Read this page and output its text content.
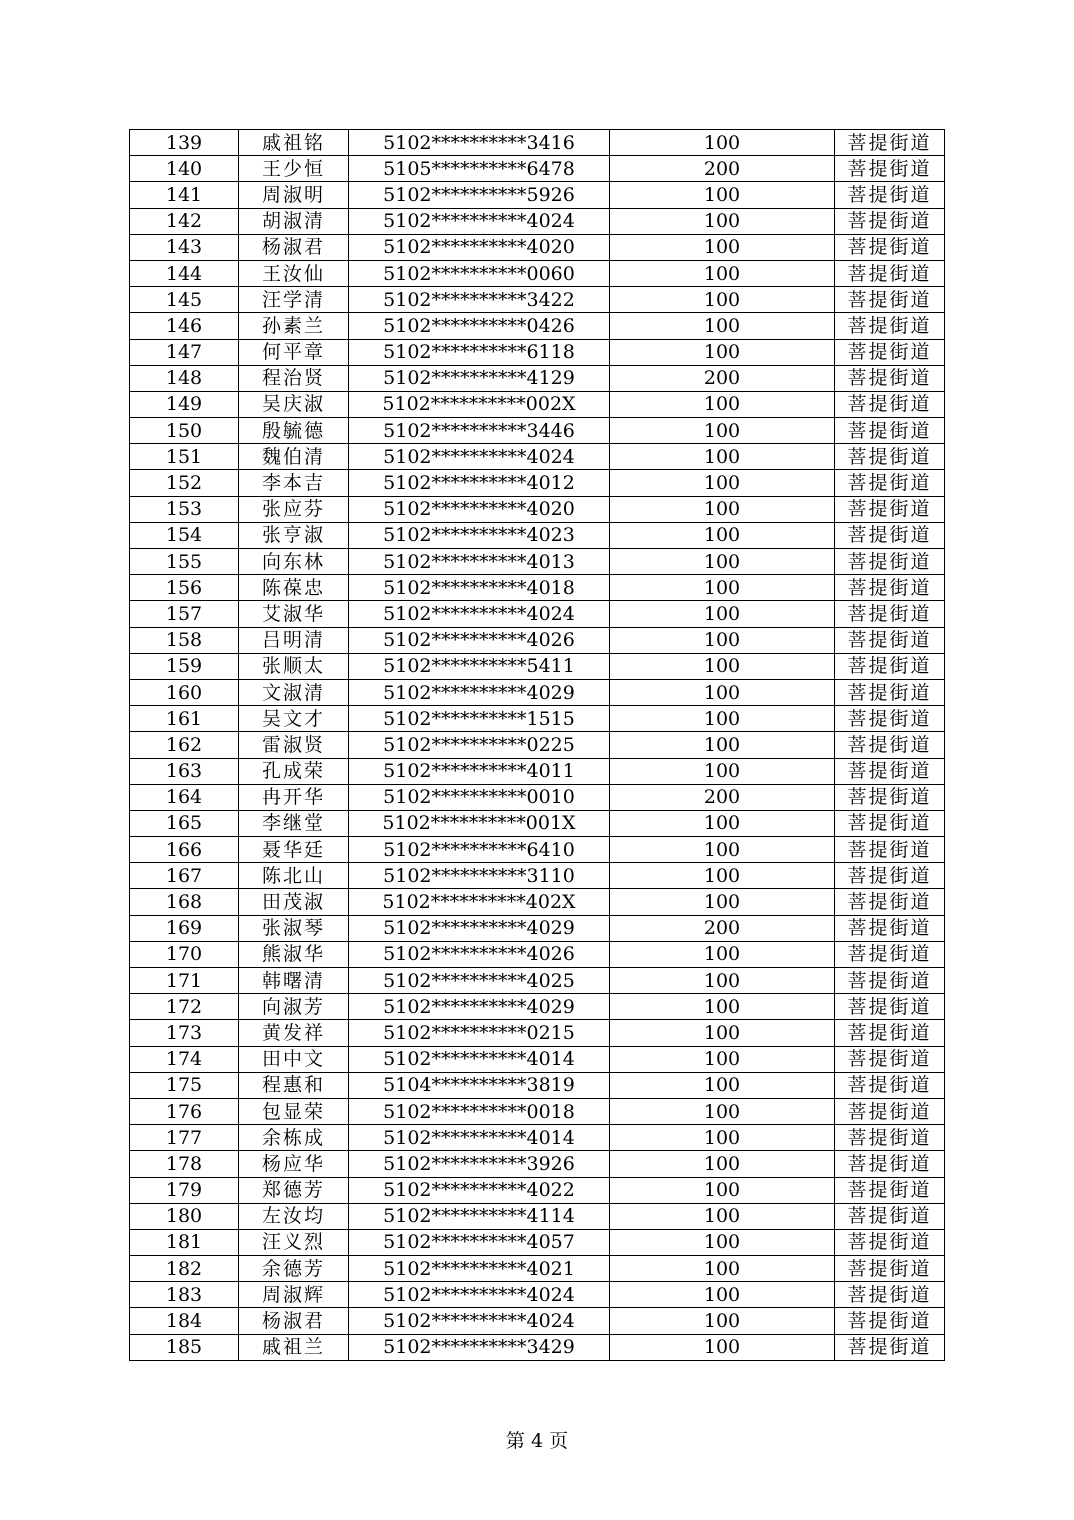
139	戚祖铭	5102**********3416	100	菩提街道
140	王少恒	5105**********6478	200	菩提街道
141	周淑明	5102**********5926	100	菩提街道
142	胡淑清	5102**********4024	100	菩提街道
143	杨淑君	5102**********4020	100	菩提街道
144	王汝仙	5102**********0060	100	菩提街道
145	汪学清	5102**********3422	100	菩提街道
146	孙素兰	5102**********0426	100	菩提街道
147	何平章	5102**********6118	100	菩提街道
148	程治贤	5102**********4129	200	菩提街道
149	吴庆淑	5102**********002X	100	菩提街道
150	殷毓德	5102**********3446	100	菩提街道
151	魏伯清	5102**********4024	100	菩提街道
152	李本吉	5102**********4012	100	菩提街道
153	张应芬	5102**********4020	100	菩提街道
154	张亨淑	5102**********4023	100	菩提街道
155	向东林	5102**********4013	100	菩提街道
156	陈葆忠	5102**********4018	100	菩提街道
157	艾淑华	5102**********4024	100	菩提街道
158	吕明清	5102**********4026	100	菩提街道
159	张顺太	5102**********5411	100	菩提街道
160	文淑清	5102**********4029	100	菩提街道
161	吴文才	5102**********1515	100	菩提街道
162	雷淑贤	5102**********0225	100	菩提街道
163	孔成荣	5102**********4011	100	菩提街道
164	冉开华	5102**********0010	200	菩提街道
165	李继堂	5102**********001X	100	菩提街道
166	聂华廷	5102**********6410	100	菩提街道
167	陈北山	5102**********3110	100	菩提街道
168	田茂淑	5102**********402X	100	菩提街道
169	张淑琴	5102**********4029	200	菩提街道
170	熊淑华	5102**********4026	100	菩提街道
171	韩曙清	5102**********4025	100	菩提街道
172	向淑芳	5102**********4029	100	菩提街道
173	黄发祥	5102**********0215	100	菩提街道
174	田中文	5102**********4014	100	菩提街道
175	程惠和	5104**********3819	100	菩提街道
176	包显荣	5102**********0018	100	菩提街道
177	余栋成	5102**********4014	100	菩提街道
178	杨应华	5102**********3926	100	菩提街道
179	郑德芳	5102**********4022	100	菩提街道
180	左汝均	5102**********4114	100	菩提街道
181	汪义烈	5102**********4057	100	菩提街道
182	余德芳	5102**********4021	100	菩提街道
183	周淑辉	5102**********4024	100	菩提街道
184	杨淑君	5102**********4024	100	菩提街道
185	戚祖兰	5102**********3429	100	菩提街道
第 4 页
